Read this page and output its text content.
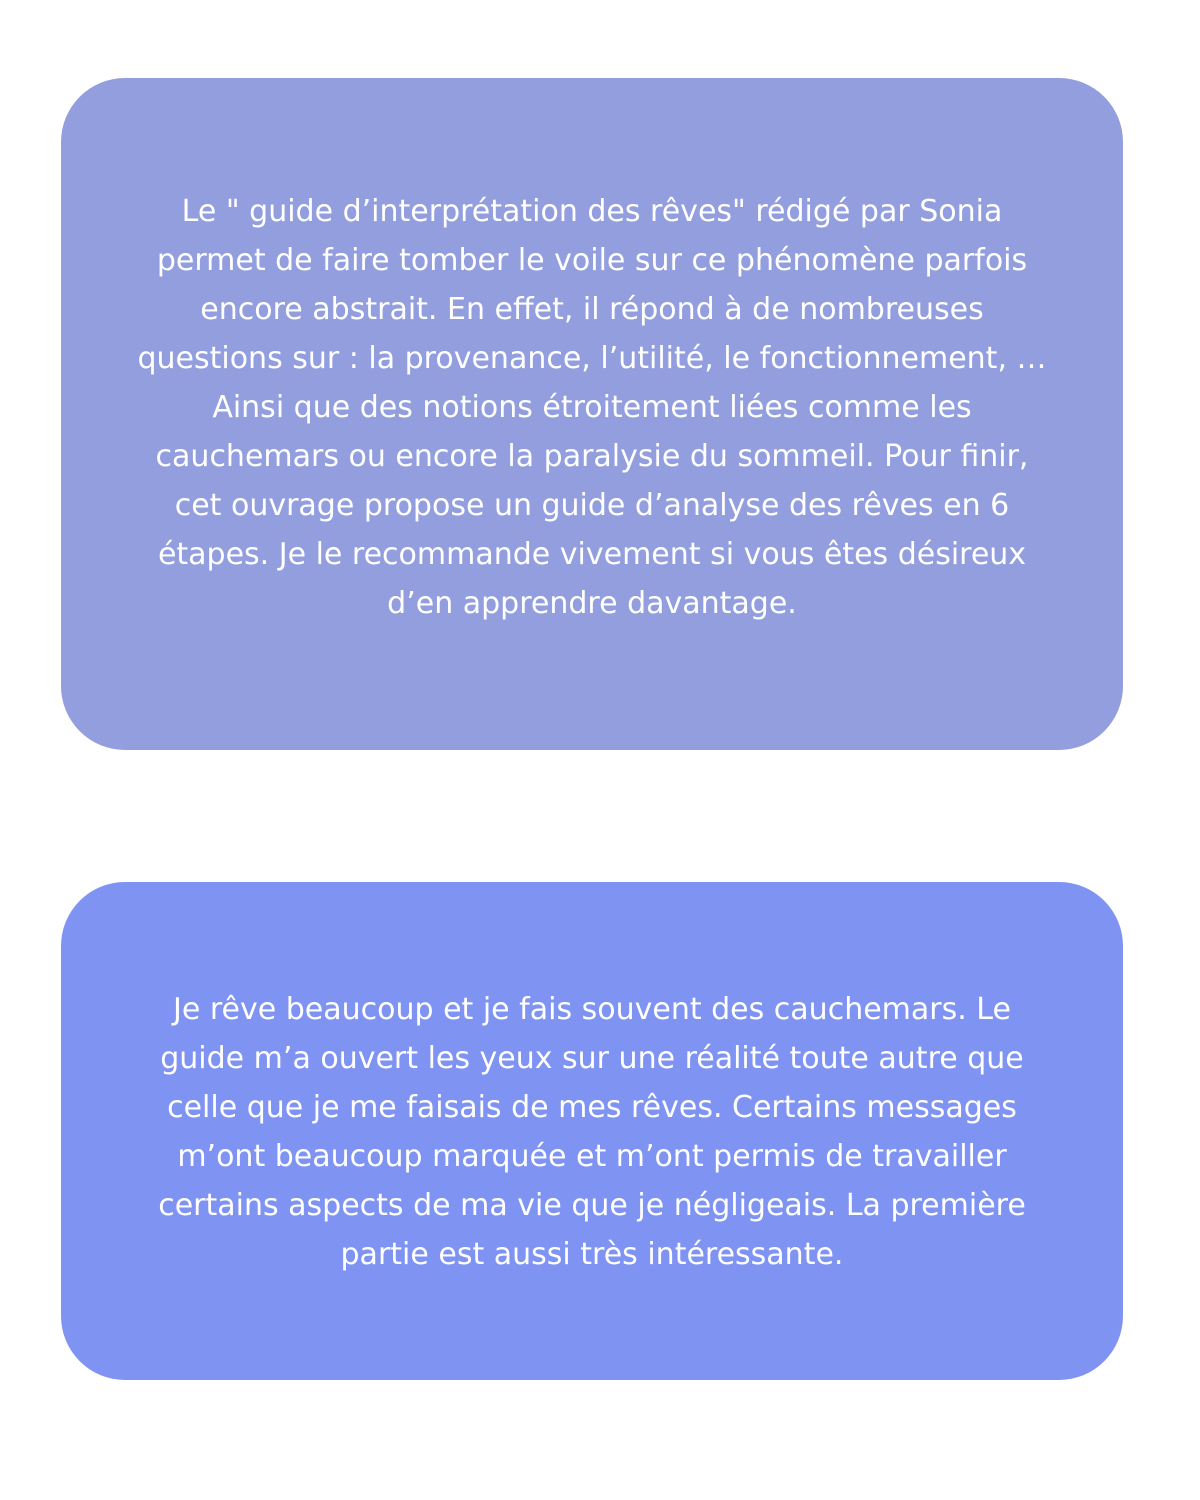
Le " guide d’interprétation des rêves" rédigé par Sonia permet de faire tomber le voile sur ce phénomène parfois encore abstrait. En effet, il répond à de nombreuses questions sur : la provenance, l’utilité, le fonctionnement, … Ainsi que des notions étroitement liées comme les cauchemars ou encore la paralysie du sommeil. Pour finir, cet ouvrage propose un guide d’analyse des rêves en 6 étapes. Je le recommande vivement si vous êtes désireux d’en apprendre davantage.

Je rêve beaucoup et je fais souvent des cauchemars. Le guide m’a ouvert les yeux sur une réalité toute autre que celle que je me faisais de mes rêves. Certains messages m’ont beaucoup marquée et m’ont permis de travailler certains aspects de ma vie que je négligeais. La première partie est aussi très intéressante.
